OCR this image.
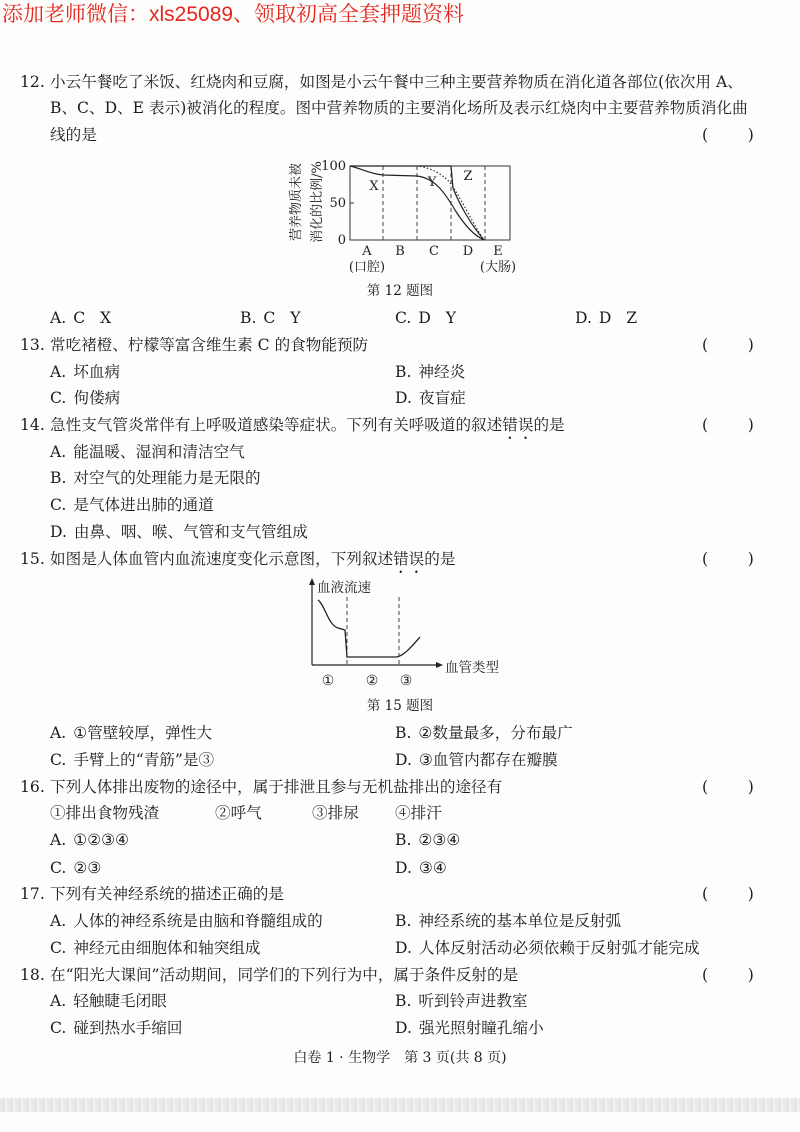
添加老师微信：xls25089、领取初高全套押题资料
12. 小云午餐吃了米饭、红烧肉和豆腐，如图是小云午餐中三种主要营养物质在消化道各部位(依次用 A、
B、C、D、E 表示)被消化的程度。图中营养物质的主要消化场所及表示红烧肉中主要营养物质消化曲
线的是	(        )
营养物质未被 消化的比例/%
100
50
0
X	Y Z
A B C D E
(口腔)	(大肠)
第 12 题图
A. C   X	B. C   Y	C. D   Y	D. D   Z
13. 常吃褚橙、柠檬等富含维生素 C 的食物能预防	(        )
A. 坏血病	B. 神经炎
C. 佝偻病	D. 夜盲症
14. 急性支气管炎常伴有上呼吸道感染等症状。下列有关呼吸道的叙述错误的是	(        )
A. 能温暖、湿润和清洁空气
B. 对空气的处理能力是无限的
C. 是气体进出肺的通道
D. 由鼻、咽、喉、气管和支气管组成
15. 如图是人体血管内血流速度变化示意图，下列叙述错误的是	(        )
血液流速
血管类型
① ② ③
第 15 题图
A. ①管壁较厚，弹性大	B. ②数量最多，分布最广
C. 手臂上的“青筋”是③	D. ③血管内都存在瓣膜
16. 下列人体排出废物的途径中，属于排泄且参与无机盐排出的途径有	(        )
①排出食物残渣	②呼气	③排尿 ④排汗
A. ①②③④	B. ②③④
C. ②③	D. ③④
17. 下列有关神经系统的描述正确的是	(        )
A. 人体的神经系统是由脑和脊髓组成的	B. 神经系统的基本单位是反射弧
C. 神经元由细胞体和轴突组成	D. 人体反射活动必须依赖于反射弧才能完成
18. 在“阳光大课间”活动期间，同学们的下列行为中，属于条件反射的是	(        )
A. 轻触睫毛闭眼	B. 听到铃声进教室
C. 碰到热水手缩回	D. 强光照射瞳孔缩小
白卷 1 · 生物学　第 3 页(共 8 页)
